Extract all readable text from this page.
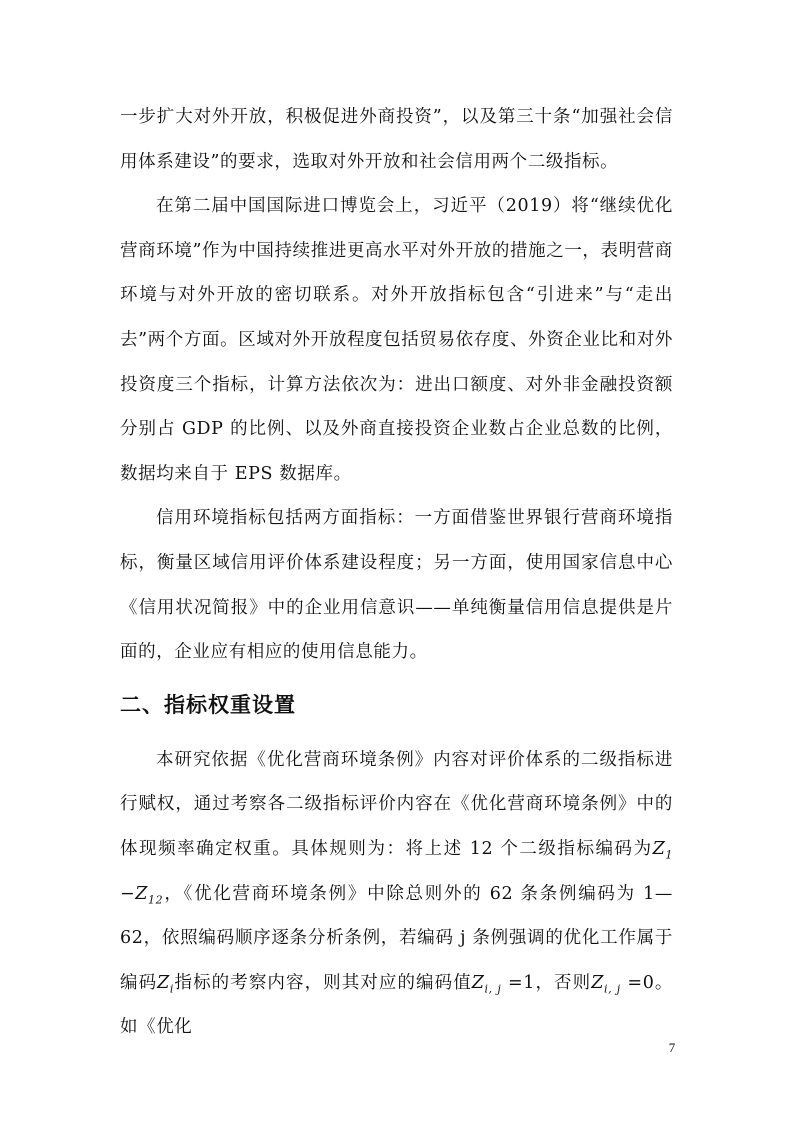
一步扩大对外开放，积极促进外商投资”，以及第三十条“加强社会信用体系建设”的要求，选取对外开放和社会信用两个二级指标。

在第二届中国国际进口博览会上，习近平（2019）将“继续优化营商环境”作为中国持续推进更高水平对外开放的措施之一，表明营商环境与对外开放的密切联系。对外开放指标包含“引进来”与“走出去”两个方面。区域对外开放程度包括贸易依存度、外资企业比和对外投资度三个指标，计算方法依次为：进出口额度、对外非金融投资额分别占 GDP 的比例、以及外商直接投资企业数占企业总数的比例，数据均来自于 EPS 数据库。

信用环境指标包括两方面指标：一方面借鉴世界银行营商环境指标，衡量区域信用评价体系建设程度；另一方面，使用国家信息中心《信用状况简报》中的企业用信意识——单纯衡量信用信息提供是片面的，企业应有相应的使用信息能力。

二、指标权重设置

本研究依据《优化营商环境条例》内容对评价体系的二级指标进行赋权，通过考察各二级指标评价内容在《优化营商环境条例》中的体现频率确定权重。具体规则为：将上述 12 个二级指标编码为$Z_1 -Z_{12}$，《优化营商环境条例》中除总则外的 62 条条例编码为 1—62，依照编码顺序逐条分析条例，若编码 j 条例强调的优化工作属于编码$Z_i$指标的考察内容，则其对应的编码值$Z_{i, j} =1$，否则$Z_{i, j} =0$。如《优化

7
